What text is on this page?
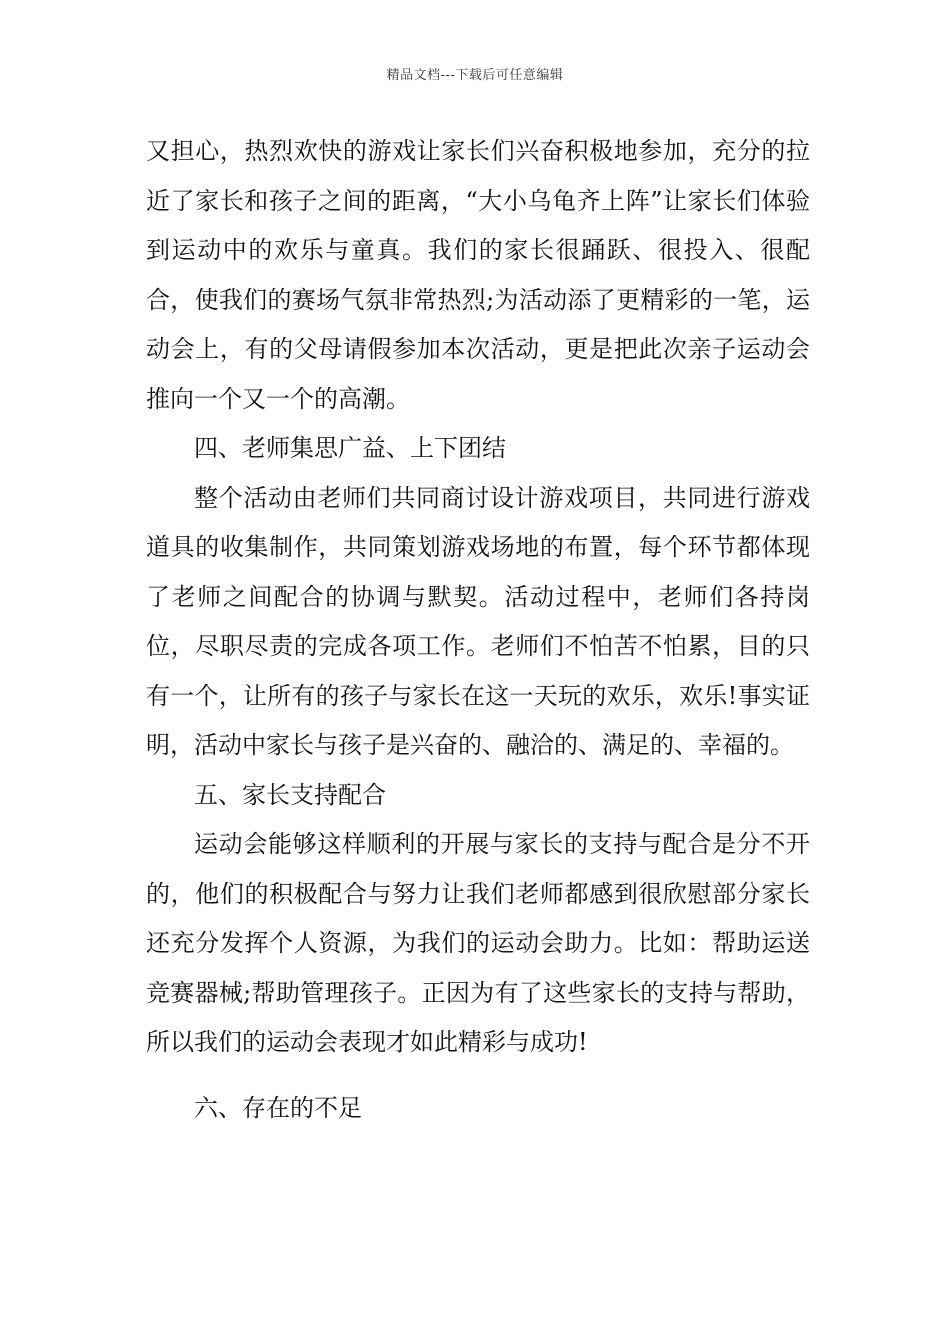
精品文档---下载后可任意编辑

又担心，热烈欢快的游戏让家长们兴奋积极地参加，充分的拉近了家长和孩子之间的距离，“大小乌龟齐上阵”让家长们体验到运动中的欢乐与童真。我们的家长很踊跃、很投入、很配合，使我们的赛场气氛非常热烈;为活动添了更精彩的一笔，运动会上，有的父母请假参加本次活动，更是把此次亲子运动会推向一个又一个的高潮。

四、老师集思广益、上下团结

整个活动由老师们共同商讨设计游戏项目，共同进行游戏道具的收集制作，共同策划游戏场地的布置，每个环节都体现了老师之间配合的协调与默契。活动过程中，老师们各持岗位，尽职尽责的完成各项工作。老师们不怕苦不怕累，目的只有一个，让所有的孩子与家长在这一天玩的欢乐，欢乐!事实证明，活动中家长与孩子是兴奋的、融洽的、满足的、幸福的。

五、家长支持配合

运动会能够这样顺利的开展与家长的支持与配合是分不开的，他们的积极配合与努力让我们老师都感到很欣慰部分家长还充分发挥个人资源，为我们的运动会助力。比如：帮助运送竞赛器械;帮助管理孩子。正因为有了这些家长的支持与帮助，所以我们的运动会表现才如此精彩与成功!

六、存在的不足
